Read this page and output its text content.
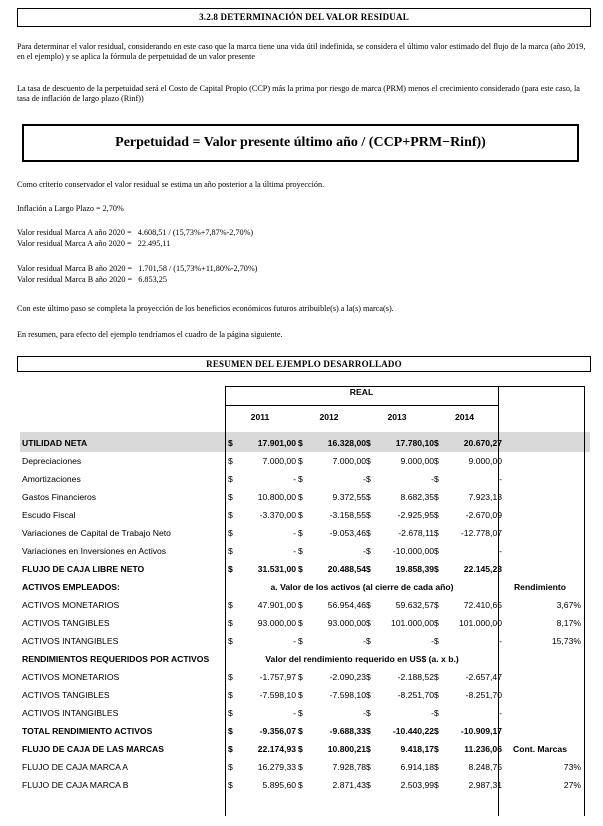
3.2.8 DETERMINACIÓN DEL VALOR RESIDUAL
Para determinar el valor residual, considerando en este caso que la marca tiene una vida útil indefinida, se considera el último valor estimado del flujo de la marca (año 2019, en el ejemplo) y se aplica la fórmula de perpetuidad de un valor presente
La tasa de descuento de la perpetuidad será el Costo de Capital Propio (CCP) más la prima por riesgo de marca (PRM) menos el crecimiento considerado (para este caso, la tasa de inflación de largo plazo (Rinf))
Perpetuidad = Valor presente último año / (CCP+PRM−Rinf))
Como criterio conservador el valor residual se estima un año posterior a la última proyección.
Inflación a Largo Plazo = 2,70%
Valor residual Marca A año 2020 =   4.608,51 / (15,73%+7,87%-2,70%)
Valor residual Marca A año 2020 =   22.495,11
Valor residual Marca B año 2020 =   1.701,58 / (15,73%+11,80%-2,70%)
Valor residual Marca B año 2020 =   6.853,25
Con este último paso se completa la proyección de los beneficios económicos futuros atribuible(s) a la(s) marca(s).
En resumen, para efecto del ejemplo tendríamos el cuadro de la página siguiente.
RESUMEN DEL EJEMPLO DESARROLLADO
REAL
2011	2012	2013	2014
UTILIDAD NETA	$	17.901,00 $	16.328,00 $	17.780,10 $	20.670,27
Depreciaciones	$	7.000,00 $	7.000,00 $	9.000,00 $	9.000,00
Amortizaciones	$	- $	- $	- $	-
Gastos Financieros	$	10.800,00 $	9.372,55 $	8.682,35 $	7.923,13
Escudo Fiscal	$	-3.370,00 $	-3.158,55 $	-2.925,95 $	-2.670,09
Variaciones de Capital de Trabajo Neto	$	- $	-9.053,46 $	-2.678,11 $	-12.778,07
Variaciones en Inversiones en Activos	$	- $	- $	-10.000,00 $	-
FLUJO DE CAJA LIBRE NETO	$	31.531,00 $	20.488,54 $	19.858,39 $	22.145,23
ACTIVOS EMPLEADOS:	a. Valor de los activos (al cierre de cada año)	Rendimiento
ACTIVOS MONETARIOS	$	47.901,00 $	56.954,46 $	59.632,57 $	72.410,65	3,67%
ACTIVOS TANGIBLES	$	93.000,00 $	93.000,00 $	101.000,00 $	101.000,00	8,17%
ACTIVOS INTANGIBLES	$	- $	- $	- $	-	15,73%
RENDIMIENTOS REQUERIDOS POR ACTIVOS	Valor del rendimiento requerido en US$ (a. x b.)
ACTIVOS MONETARIOS	$	-1.757,97 $	-2.090,23 $	-2.188,52 $	-2.657,47
ACTIVOS TANGIBLES	$	-7.598,10 $	-7.598,10 $	-8.251,70 $	-8.251,70
ACTIVOS INTANGIBLES	$	- $	- $	- $	-
TOTAL RENDIMIENTO ACTIVOS	$	-9.356,07 $	-9.688,33 $	-10.440,22 $	-10.909,17
FLUJO DE CAJA DE LAS MARCAS	$	22.174,93 $	10.800,21 $	9.418,17 $	11.236,06	Cont. Marcas
FLUJO DE CAJA MARCA A	$	16.279,33 $	7.928,78 $	6.914,18 $	8.248,75	73%
FLUJO DE CAJA MARCA B	$	5.895,60 $	2.871,43 $	2.503,99 $	2.987,31	27%
